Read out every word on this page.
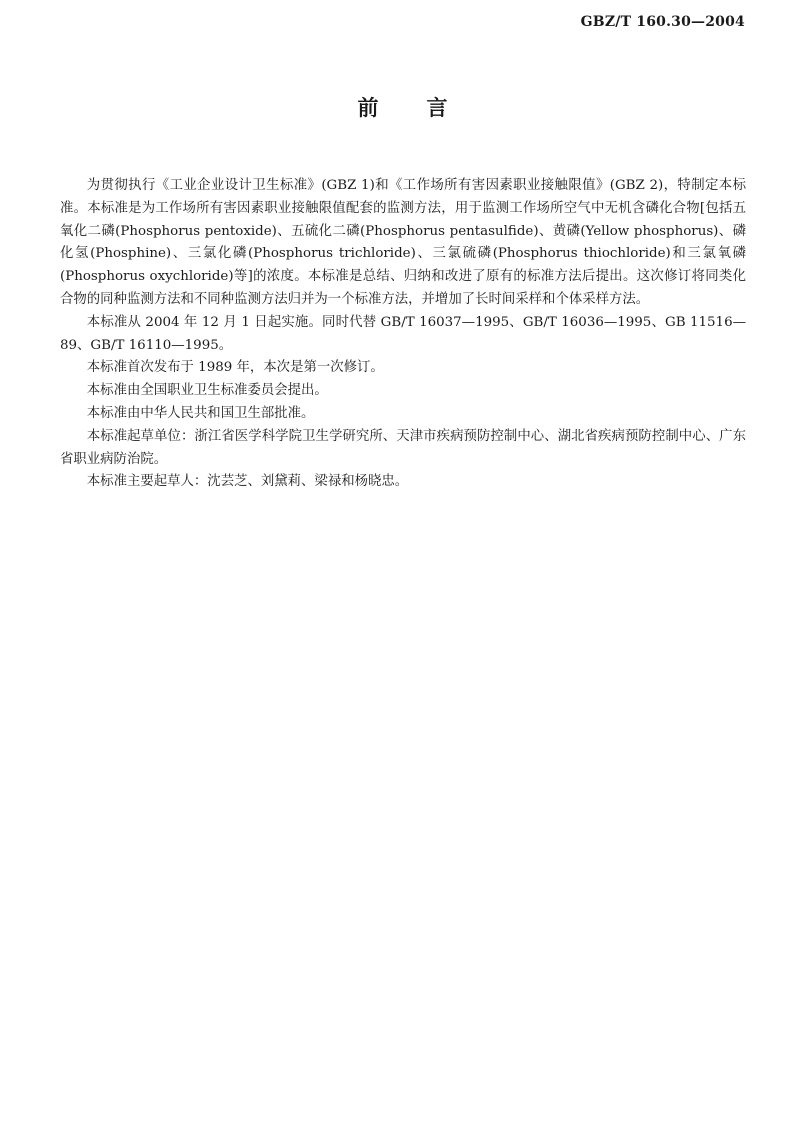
GBZ/T 160.30—2004
前言

为贯彻执行《工业企业设计卫生标准》(GBZ 1)和《工作场所有害因素职业接触限值》(GBZ 2)，特制定本标准。本标准是为工作场所有害因素职业接触限值配套的监测方法，用于监测工作场所空气中无机含磷化合物[包括五氧化二磷(Phosphorus pentoxide)、五硫化二磷(Phosphorus pentasulfide)、黄磷(Yellow phosphorus)、磷化氢(Phosphine)、三氯化磷(Phosphorus trichloride)、三氯硫磷(Phosphorus thiochloride)和三氯氧磷(Phosphorus oxychloride)等]的浓度。本标准是总结、归纳和改进了原有的标准方法后提出。这次修订将同类化合物的同种监测方法和不同种监测方法归并为一个标准方法，并增加了长时间采样和个体采样方法。

本标准从 2004 年 12 月 1 日起实施。同时代替 GB/T 16037—1995、GB/T 16036—1995、GB 11516—89、GB/T 16110—1995。

本标准首次发布于 1989 年，本次是第一次修订。

本标准由全国职业卫生标准委员会提出。

本标准由中华人民共和国卫生部批准。

本标准起草单位：浙江省医学科学院卫生学研究所、天津市疾病预防控制中心、湖北省疾病预防控制中心、广东省职业病防治院。

本标准主要起草人：沈芸芝、刘黛莉、梁禄和杨晓忠。
